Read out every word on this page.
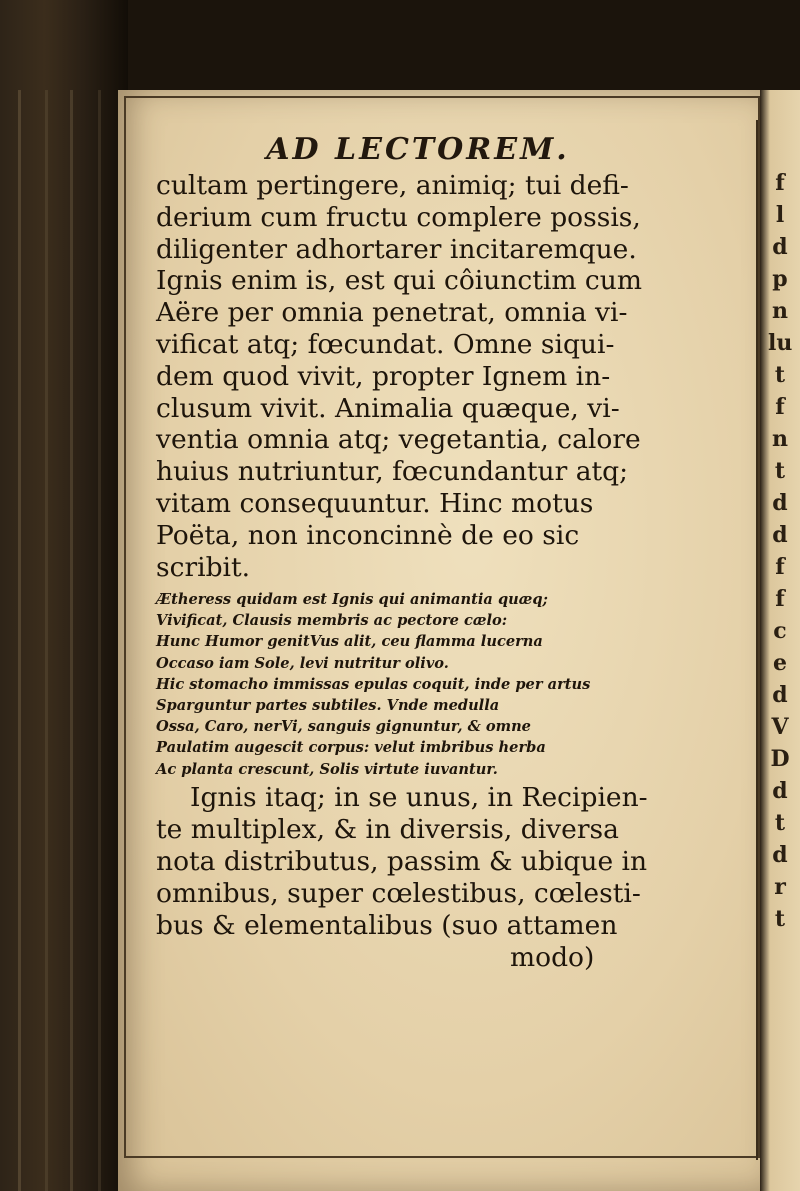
AD LECTOREM.
cultam pertingere, animiq; tui defi-
derium cum fructu complere possis,
diligenter adhortarer incitaremque.
Ignis enim is, est qui côiunctim cum
Aëre per omnia penetrat, omnia vi-
vificat atq; fœcundat. Omne siqui-
dem quod vivit, propter Ignem in-
clusum vivit. Animalia quæque, vi-
ventia omnia atq; vegetantia, calore
huius nutriuntur, fœcundantur atq;
vitam consequuntur. Hinc motus
Poëta, non inconcinnè de eo sic
scribit.
Ætheress quidam est Ignis qui animantia quæq;
Vivificat, Clausis membris ac pectore cælo:
Hunc Humor genitVus alit, ceu flamma lucerna
Occaso iam Sole, levi nutritur olivo.
Hic stomacho immissas epulas coquit, inde per artus
Sparguntur partes subtiles. Vnde medulla
Ossa, Caro, nerVi, sanguis gignuntur, & omne
Paulatim augescit corpus: velut imbribus herba
Ac planta crescunt, Solis virtute iuvantur.
Ignis itaq; in se unus, in Recipien-
te multiplex, & in diversis, diversa
nota distributus, passim & ubique in
omnibus, super cœlestibus, cœlesti-
bus & elementalibus (suo attamen
modo)
f
l
d
p
n
lu
t
f
n
t
d
d
f
f
c
e
d
V
D
d
t
d
r
t
